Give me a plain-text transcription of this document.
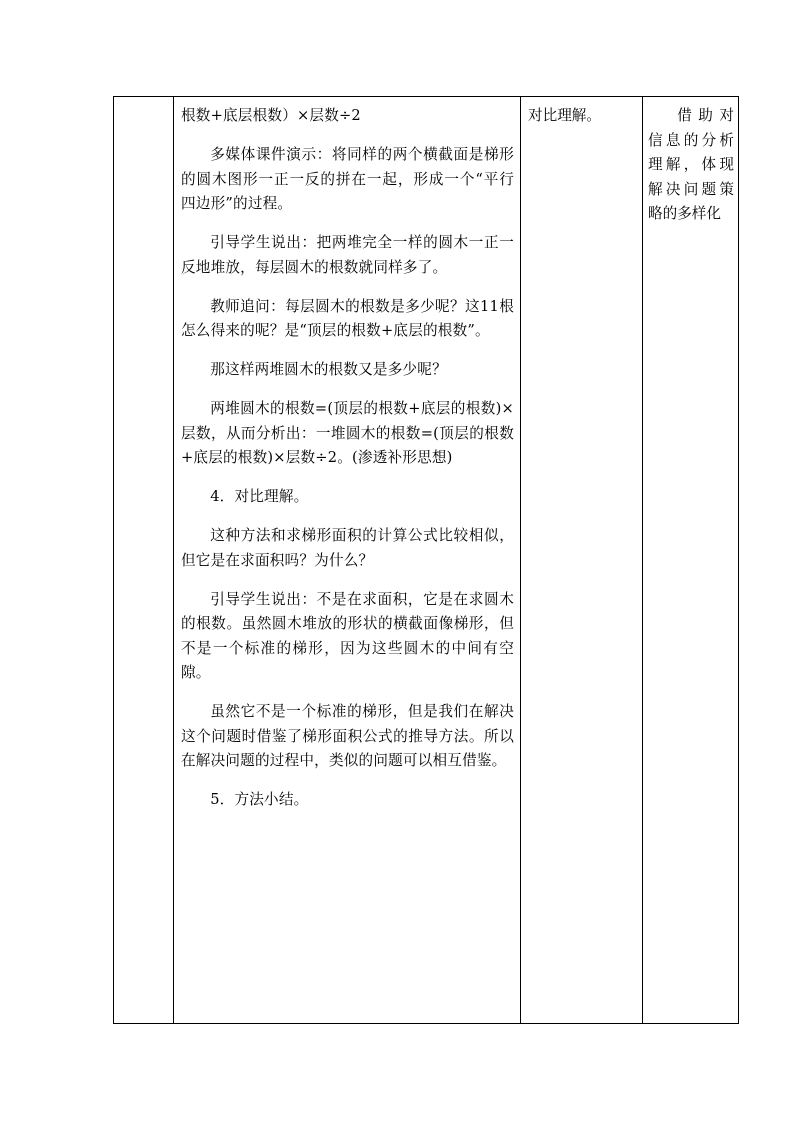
根数+底层根数）×层数÷2

多媒体课件演示：将同样的两个横截面是梯形的圆木图形一正一反的拼在一起，形成一个“平行四边形”的过程。

引导学生说出：把两堆完全一样的圆木一正一反地堆放，每层圆木的根数就同样多了。

教师追问：每层圆木的根数是多少呢？这11根怎么得来的呢？是“顶层的根数+底层的根数”。

那这样两堆圆木的根数又是多少呢？

两堆圆木的根数=(顶层的根数+底层的根数)×层数，从而分析出：一堆圆木的根数=(顶层的根数+底层的根数)×层数÷2。(渗透补形思想)

4．对比理解。

这种方法和求梯形面积的计算公式比较相似，但它是在求面积吗？为什么？

引导学生说出：不是在求面积，它是在求圆木的根数。虽然圆木堆放的形状的横截面像梯形，但不是一个标准的梯形，因为这些圆木的中间有空隙。

虽然它不是一个标准的梯形，但是我们在解决这个问题时借鉴了梯形面积公式的推导方法。所以在解决问题的过程中，类似的问题可以相互借鉴。

5．方法小结。

对比理解。	借助对信息的分析理解，体现解决问题策略的多样化
